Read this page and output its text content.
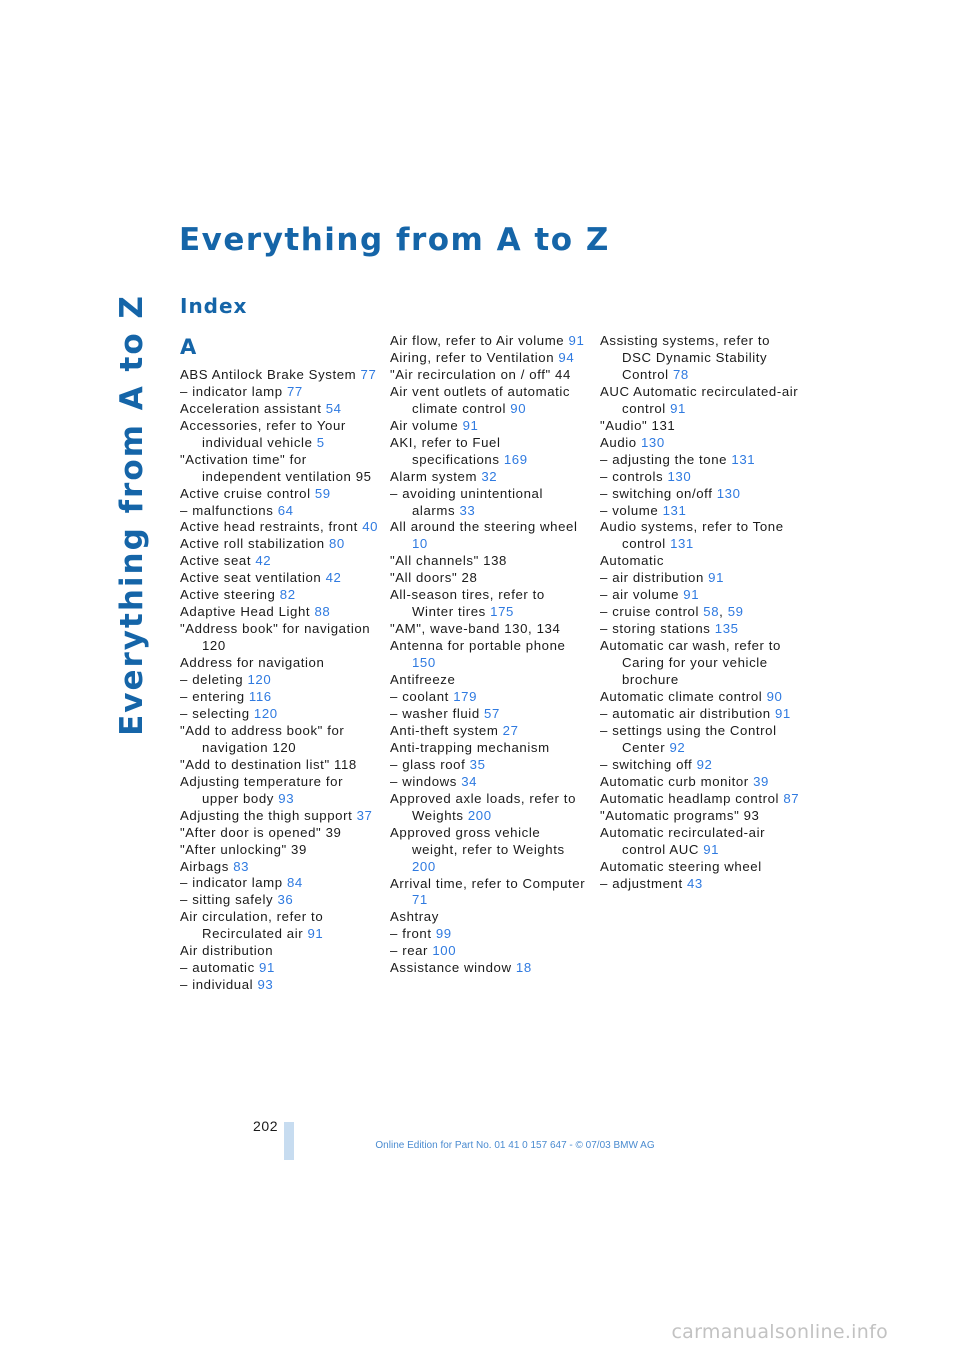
Everything from A to Z
Everything from A to Z
Index
A
ABS Antilock Brake System 77
– indicator lamp 77
Acceleration assistant 54
Accessories, refer to Your individual vehicle 5
"Activation time" for independent ventilation 95
Active cruise control 59
– malfunctions 64
Active head restraints, front 40
Active roll stabilization 80
Active seat 42
Active seat ventilation 42
Active steering 82
Adaptive Head Light 88
"Address book" for navigation 120
Address for navigation
– deleting 120
– entering 116
– selecting 120
"Add to address book" for navigation 120
"Add to destination list" 118
Adjusting temperature for upper body 93
Adjusting the thigh support 37
"After door is opened" 39
"After unlocking" 39
Airbags 83
– indicator lamp 84
– sitting safely 36
Air circulation, refer to Recirculated air 91
Air distribution
– automatic 91
– individual 93
Air flow, refer to Air volume 91
Airing, refer to Ventilation 94
"Air recirculation on / off" 44
Air vent outlets of automatic climate control 90
Air volume 91
AKI, refer to Fuel specifications 169
Alarm system 32
– avoiding unintentional alarms 33
All around the steering wheel 10
"All channels" 138
"All doors" 28
All-season tires, refer to Winter tires 175
"AM", wave-band 130, 134
Antenna for portable phone 150
Antifreeze
– coolant 179
– washer fluid 57
Anti-theft system 27
Anti-trapping mechanism
– glass roof 35
– windows 34
Approved axle loads, refer to Weights 200
Approved gross vehicle weight, refer to Weights 200
Arrival time, refer to Computer 71
Ashtray
– front 99
– rear 100
Assistance window 18
Assisting systems, refer to DSC Dynamic Stability Control 78
AUC Automatic recirculated-air control 91
"Audio" 131
Audio 130
– adjusting the tone 131
– controls 130
– switching on/off 130
– volume 131
Audio systems, refer to Tone control 131
Automatic
– air distribution 91
– air volume 91
– cruise control 58, 59
– storing stations 135
Automatic car wash, refer to Caring for your vehicle brochure
Automatic climate control 90
– automatic air distribution 91
– settings using the Control Center 92
– switching off 92
Automatic curb monitor 39
Automatic headlamp control 87
"Automatic programs" 93
Automatic recirculated-air control AUC 91
Automatic steering wheel
– adjustment 43
202
Online Edition for Part No. 01 41 0 157 647 - © 07/03 BMW AG
carmanualsonline.info
